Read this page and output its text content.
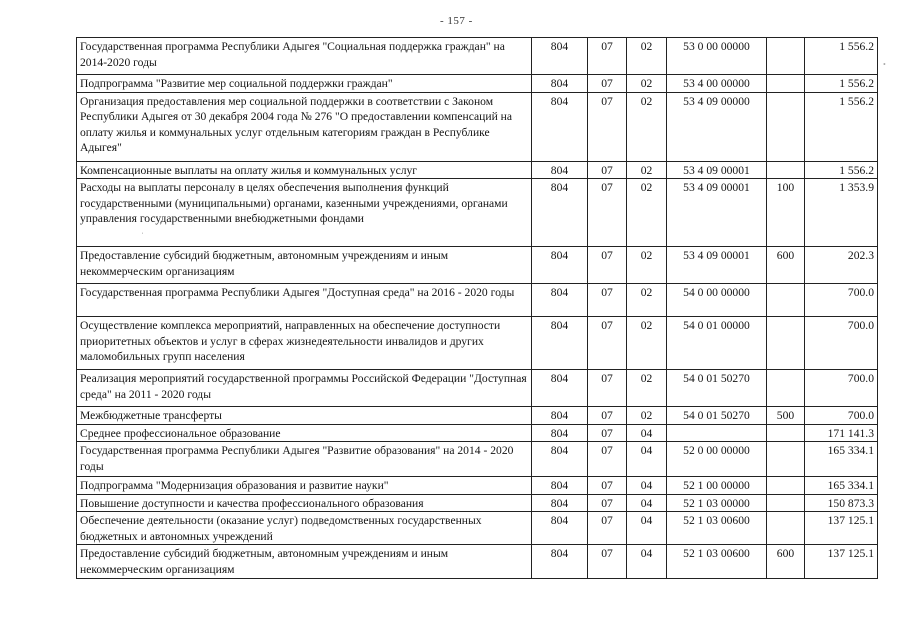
- 157 -
•
Государственная программа Республики Адыгея "Социальная поддержка граждан" на 2014-2020 годы	804	07	02	53 0 00 00000		1 556.2
Подпрограмма "Развитие мер социальной поддержки граждан"	804	07	02	53 4 00 00000		1 556.2
Организация предоставления мер социальной поддержки в соответствии с Законом Республики Адыгея от 30 декабря 2004 года № 276 "О предоставлении компенсаций на оплату жилья и коммунальных услуг отдельным категориям граждан в Республике Адыгея"	804	07	02	53 4 09 00000		1 556.2
Компенсационные выплаты на оплату жилья и коммунальных услуг	804	07	02	53 4 09 00001		1 556.2
Расходы на выплаты персоналу в целях обеспечения выполнения функций государственными (муниципальными) органами, казенными учреждениями, органами управления государственными внебюджетными фондами	804	07	02	53 4 09 00001	100	1 353.9
Предоставление субсидий бюджетным, автономным учреждениям и иным некоммерческим организациям	804	07	02	53 4 09 00001	600	202.3
Государственная программа Республики Адыгея "Доступная среда" на 2016 - 2020 годы	804	07	02	54 0 00 00000		700.0
Осуществление комплекса мероприятий, направленных на обеспечение доступности приоритетных объектов и услуг в сферах жизнедеятельности инвалидов и других маломобильных групп населения	804	07	02	54 0 01 00000		700.0
Реализация мероприятий государственной программы Российской Федерации "Доступная среда" на 2011 - 2020 годы	804	07	02	54 0 01 50270		700.0
Межбюджетные трансферты	804	07	02	54 0 01 50270	500	700.0
Среднее профессиональное образование	804	07	04			171 141.3
Государственная программа Республики Адыгея "Развитие образования" на 2014 - 2020 годы	804	07	04	52 0 00 00000		165 334.1
Подпрограмма "Модернизация образования и развитие науки"	804	07	04	52 1 00 00000		165 334.1
Повышение доступности и качества профессионального образования	804	07	04	52 1 03 00000		150 873.3
Обеспечение деятельности (оказание услуг) подведомственных государственных бюджетных и автономных учреждений	804	07	04	52 1 03 00600		137 125.1
Предоставление субсидий бюджетным, автономным учреждениям и иным некоммерческим организациям	804	07	04	52 1 03 00600	600	137 125.1
ˈ
